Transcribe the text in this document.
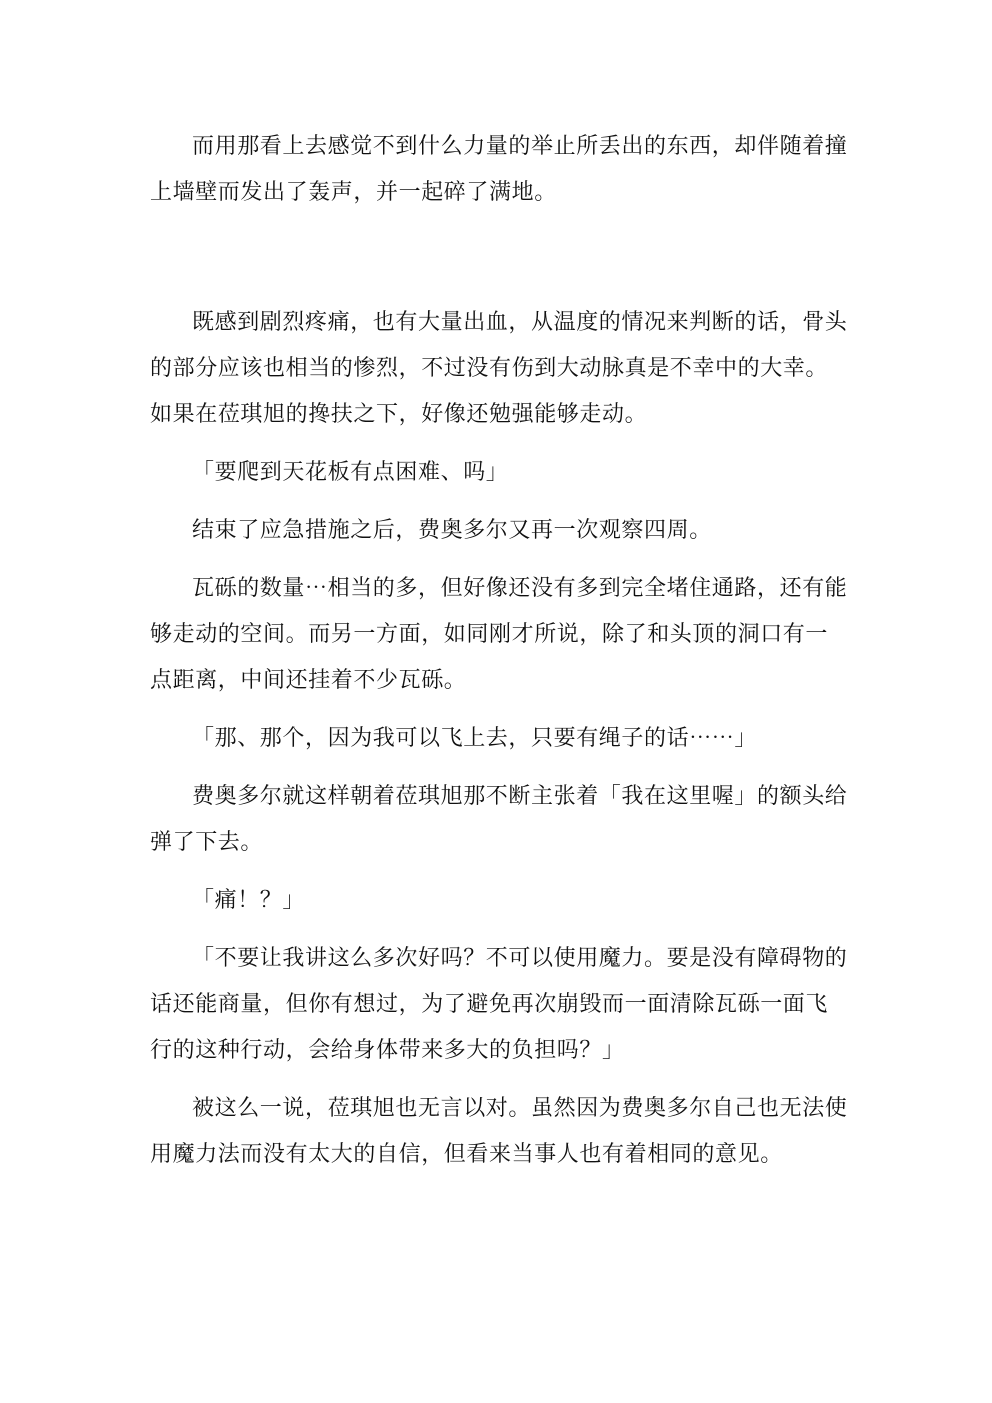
而用那看上去感觉不到什么力量的举止所丢出的东西，却伴随着撞上墙壁而发出了轰声，并一起碎了满地。

既感到剧烈疼痛，也有大量出血，从温度的情况来判断的话，骨头的部分应该也相当的惨烈，不过没有伤到大动脉真是不幸中的大幸。如果在莅琪旭的搀扶之下，好像还勉强能够走动。

「要爬到天花板有点困难、吗」

结束了应急措施之后，费奥多尔又再一次观察四周。

瓦砾的数量⋯相当的多，但好像还没有多到完全堵住通路，还有能够走动的空间。而另一方面，如同刚才所说，除了和头顶的洞口有一点距离，中间还挂着不少瓦砾。

「那、那个，因为我可以飞上去，只要有绳子的话⋯⋯」

费奥多尔就这样朝着莅琪旭那不断主张着「我在这里喔」的额头给弹了下去。

「痛！？」

「不要让我讲这么多次好吗？不可以使用魔力。要是没有障碍物的话还能商量，但你有想过，为了避免再次崩毁而一面清除瓦砾一面飞行的这种行动，会给身体带来多大的负担吗？」

被这么一说，莅琪旭也无言以对。虽然因为费奥多尔自己也无法使用魔力法而没有太大的自信，但看来当事人也有着相同的意见。
